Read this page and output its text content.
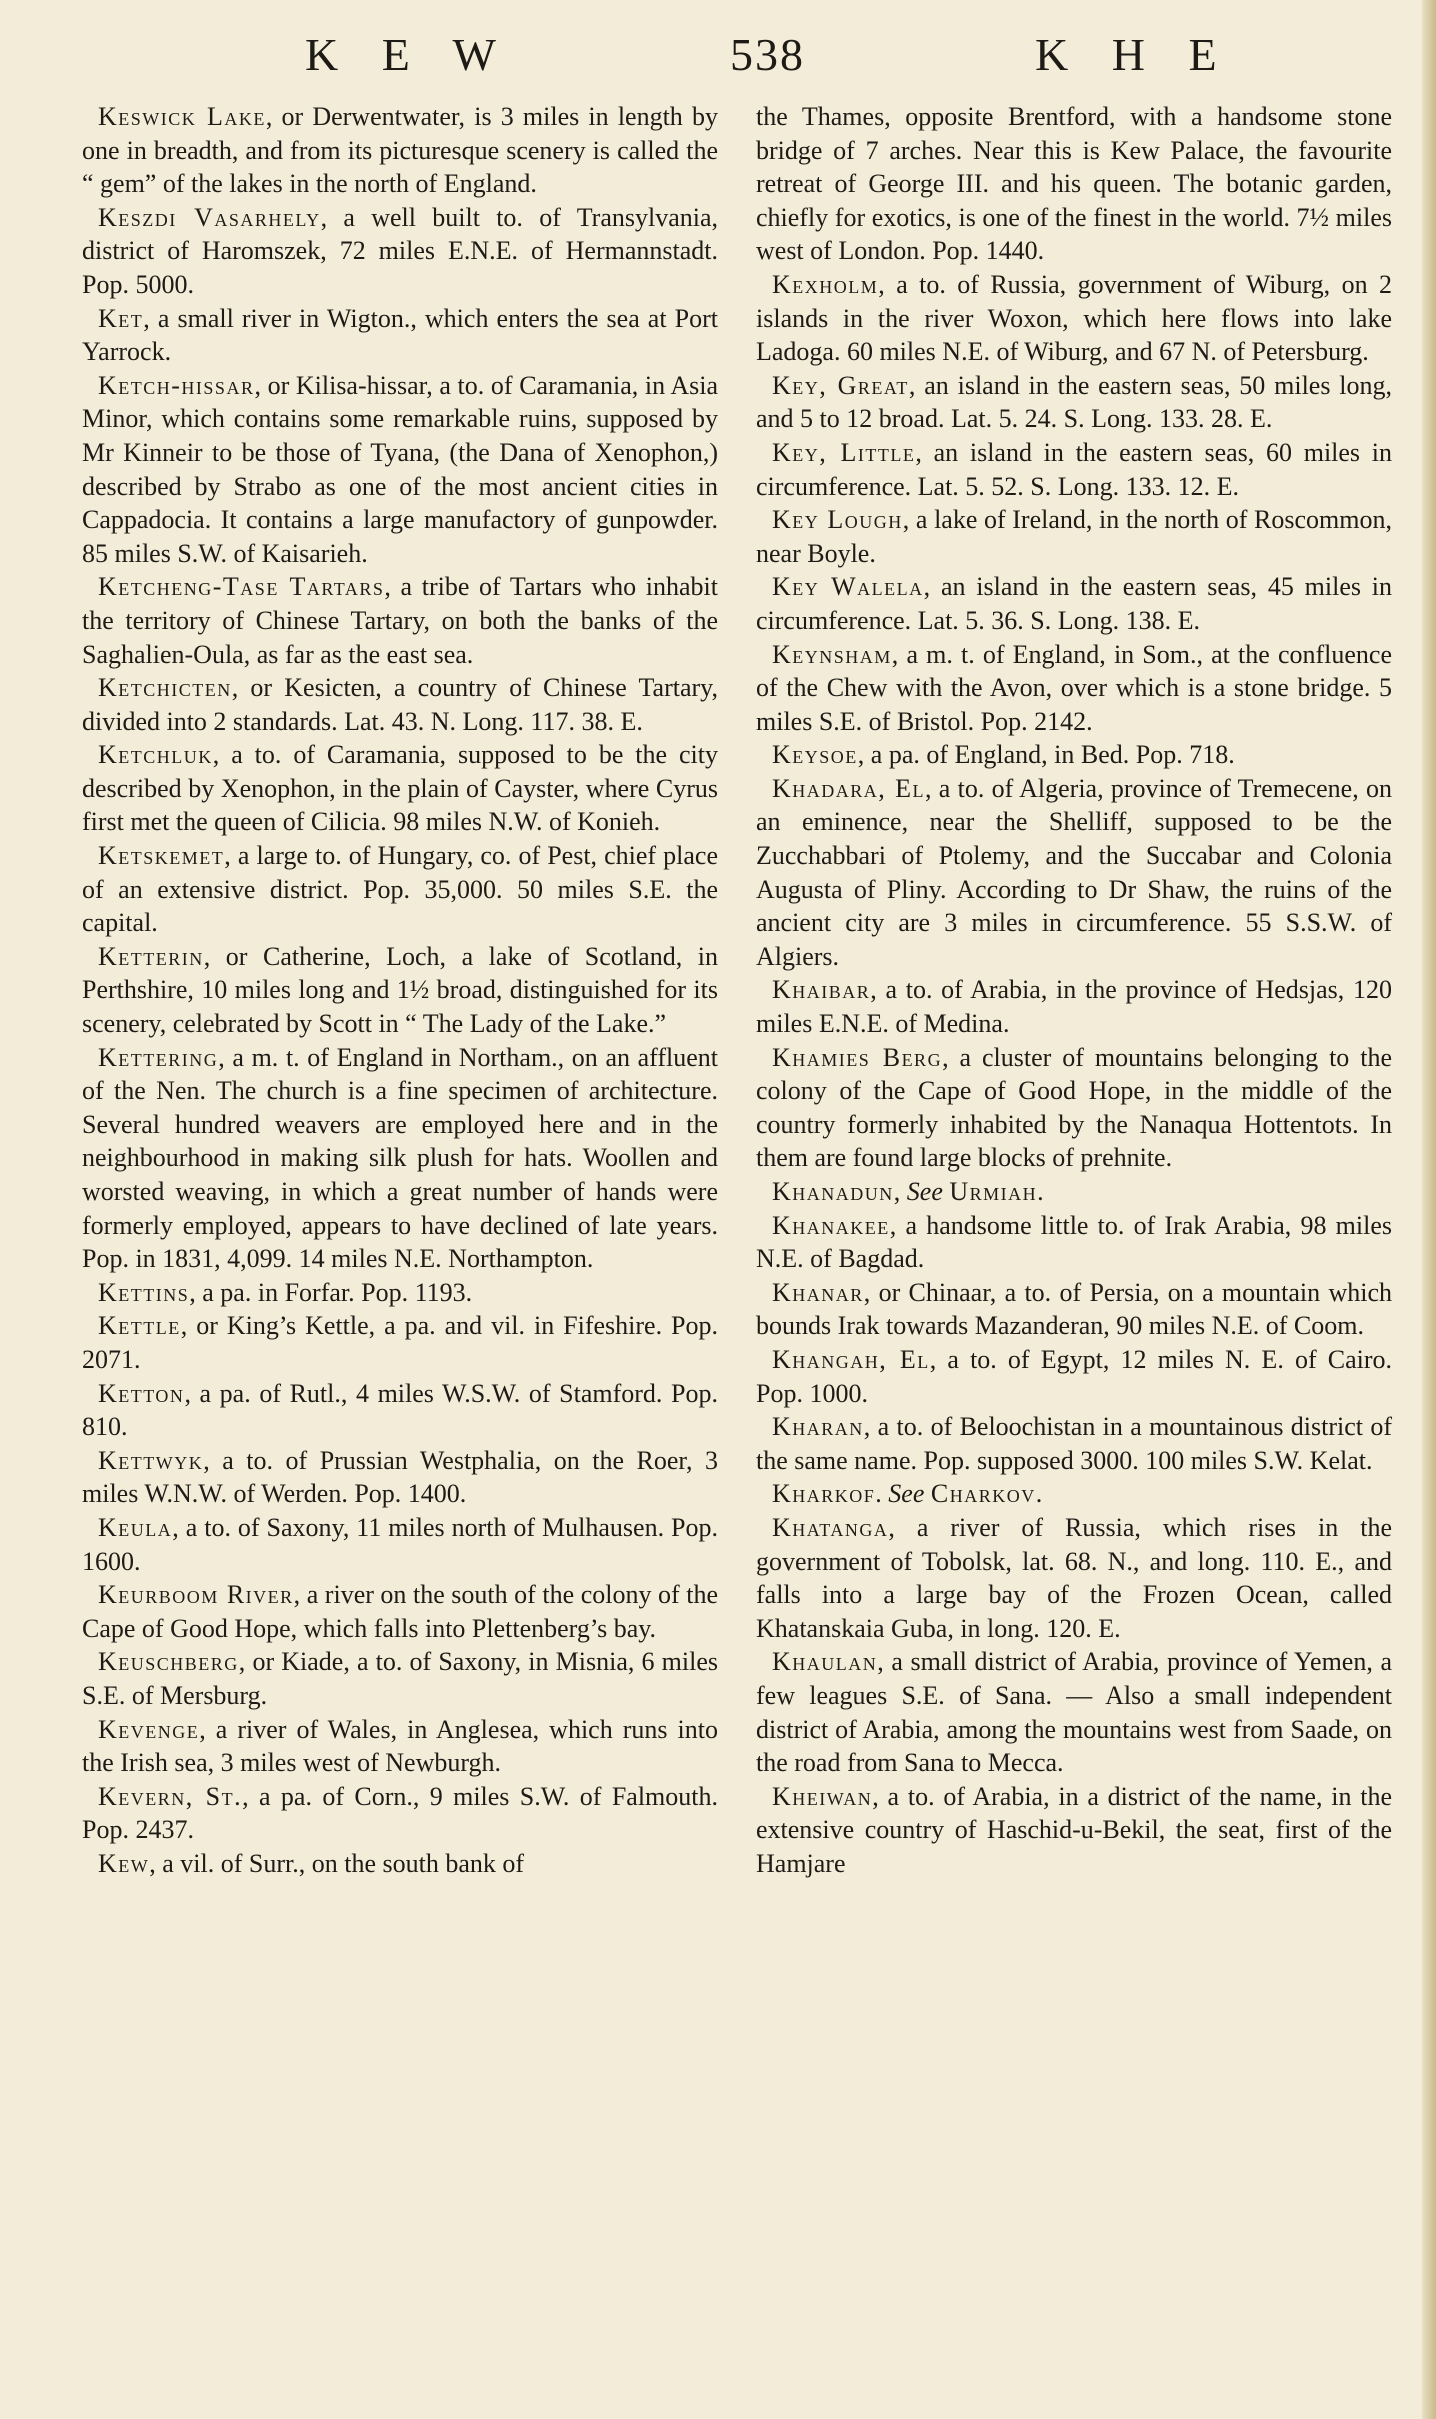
K E W	538	K H E

Keswick Lake, or Derwentwater, is 3 miles in length by one in breadth, and from its picturesque scenery is called the “ gem” of the lakes in the north of England.

Keszdi Vasarhely, a well built to. of Transylvania, district of Haromszek, 72 miles E.N.E. of Hermannstadt. Pop. 5000.

Ket, a small river in Wigton., which enters the sea at Port Yarrock.

Ketch-hissar, or Kilisa-hissar, a to. of Caramania, in Asia Minor, which contains some remarkable ruins, supposed by Mr Kinneir to be those of Tyana, (the Dana of Xenophon,) described by Strabo as one of the most ancient cities in Cappadocia. It contains a large manufactory of gunpowder. 85 miles S.W. of Kaisarieh.

Ketcheng-Tase Tartars, a tribe of Tartars who inhabit the territory of Chinese Tartary, on both the banks of the Saghalien-Oula, as far as the east sea.

Ketchicten, or Kesicten, a country of Chinese Tartary, divided into 2 standards. Lat. 43. N. Long. 117. 38. E.

Ketchluk, a to. of Caramania, supposed to be the city described by Xenophon, in the plain of Cayster, where Cyrus first met the queen of Cilicia. 98 miles N.W. of Konieh.

Ketskemet, a large to. of Hungary, co. of Pest, chief place of an extensive district. Pop. 35,000. 50 miles S.E. the capital.

Ketterin, or Catherine, Loch, a lake of Scotland, in Perthshire, 10 miles long and 1½ broad, distinguished for its scenery, celebrated by Scott in “ The Lady of the Lake.”

Kettering, a m. t. of England in Northam., on an affluent of the Nen. The church is a fine specimen of architecture. Several hundred weavers are employed here and in the neighbourhood in making silk plush for hats. Woollen and worsted weaving, in which a great number of hands were formerly employed, appears to have declined of late years. Pop. in 1831, 4,099. 14 miles N.E. Northampton.

Kettins, a pa. in Forfar. Pop. 1193.

Kettle, or King’s Kettle, a pa. and vil. in Fifeshire. Pop. 2071.

Ketton, a pa. of Rutl., 4 miles W.S.W. of Stamford. Pop. 810.

Kettwyk, a to. of Prussian Westphalia, on the Roer, 3 miles W.N.W. of Werden. Pop. 1400.

Keula, a to. of Saxony, 11 miles north of Mulhausen. Pop. 1600.

Keurboom River, a river on the south of the colony of the Cape of Good Hope, which falls into Plettenberg’s bay.

Keuschberg, or Kiade, a to. of Saxony, in Misnia, 6 miles S.E. of Mersburg.

Kevenge, a river of Wales, in Anglesea, which runs into the Irish sea, 3 miles west of Newburgh.

Kevern, St., a pa. of Corn., 9 miles S.W. of Falmouth. Pop. 2437.

Kew, a vil. of Surr., on the south bank of

the Thames, opposite Brentford, with a handsome stone bridge of 7 arches. Near this is Kew Palace, the favourite retreat of George III. and his queen. The botanic garden, chiefly for exotics, is one of the finest in the world. 7½ miles west of London. Pop. 1440.

Kexholm, a to. of Russia, government of Wiburg, on 2 islands in the river Woxon, which here flows into lake Ladoga. 60 miles N.E. of Wiburg, and 67 N. of Petersburg.

Key, Great, an island in the eastern seas, 50 miles long, and 5 to 12 broad. Lat. 5. 24. S. Long. 133. 28. E.

Key, Little, an island in the eastern seas, 60 miles in circumference. Lat. 5. 52. S. Long. 133. 12. E.

Key Lough, a lake of Ireland, in the north of Roscommon, near Boyle.

Key Walela, an island in the eastern seas, 45 miles in circumference. Lat. 5. 36. S. Long. 138. E.

Keynsham, a m. t. of England, in Som., at the confluence of the Chew with the Avon, over which is a stone bridge. 5 miles S.E. of Bristol. Pop. 2142.

Keysoe, a pa. of England, in Bed. Pop. 718.

Khadara, El, a to. of Algeria, province of Tremecene, on an eminence, near the Shelliff, supposed to be the Zucchabbari of Ptolemy, and the Succabar and Colonia Augusta of Pliny. According to Dr Shaw, the ruins of the ancient city are 3 miles in circumference. 55 S.S.W. of Algiers.

Khaibar, a to. of Arabia, in the province of Hedsjas, 120 miles E.N.E. of Medina.

Khamies Berg, a cluster of mountains belonging to the colony of the Cape of Good Hope, in the middle of the country formerly inhabited by the Nanaqua Hottentots. In them are found large blocks of prehnite.

Khanadun, See Urmiah.

Khanakee, a handsome little to. of Irak Arabia, 98 miles N.E. of Bagdad.

Khanar, or Chinaar, a to. of Persia, on a mountain which bounds Irak towards Mazanderan, 90 miles N.E. of Coom.

Khangah, El, a to. of Egypt, 12 miles N. E. of Cairo. Pop. 1000.

Kharan, a to. of Beloochistan in a mountainous district of the same name. Pop. supposed 3000. 100 miles S.W. Kelat.

Kharkof. See Charkov.

Khatanga, a river of Russia, which rises in the government of Tobolsk, lat. 68. N., and long. 110. E., and falls into a large bay of the Frozen Ocean, called Khatanskaia Guba, in long. 120. E.

Khaulan, a small district of Arabia, province of Yemen, a few leagues S.E. of Sana. — Also a small independent district of Arabia, among the mountains west from Saade, on the road from Sana to Mecca.

Kheiwan, a to. of Arabia, in a district of the name, in the extensive country of Haschid-u-Bekil, the seat, first of the Hamjare
